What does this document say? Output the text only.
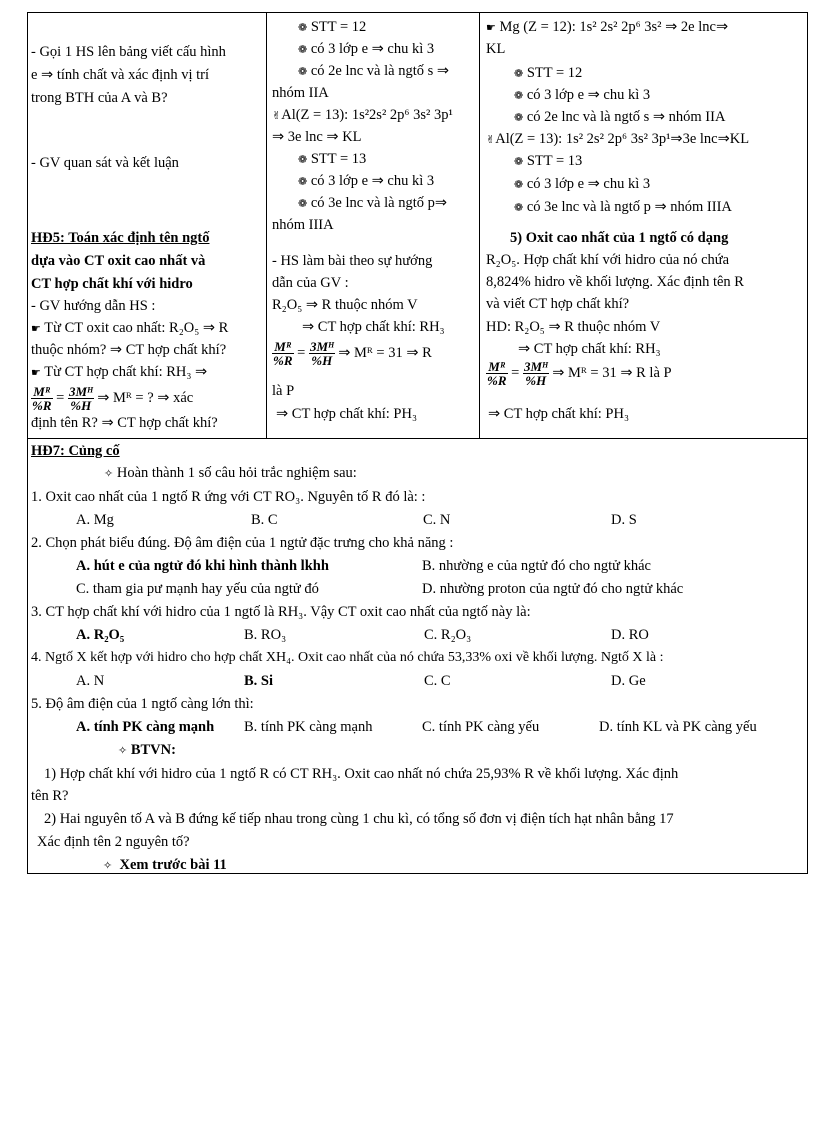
- Gọi 1 HS lên bảng viết cấu hình
e ⇒ tính chất và xác định vị trí
trong BTH của A và B?
- GV quan sát và kết luận
HĐ5: Toán xác định tên ngtố
dựa vào CT oxit cao nhất và
CT hợp chất khí với hidro
- GV hướng dẫn HS :
☛ Từ CT oxit cao nhất: R₂O₅ ⇒ R
thuộc nhóm? ⇒ CT hợp chất khí?
☛ Từ CT hợp chất khí: RH₃ ⇒
$\frac{\text{Mᴿ}}{\%R} = \frac{\text{3Mᴴ}}{\%H}$ ⇒ Mᴿ = ? ⇒ xác
định tên R? ⇒ CT hợp chất khí?
❁ STT = 12
❁ có 3 lớp e ⇒ chu kì 3
❁ có 2e lnc và là ngtố s ⇒
nhóm IIA
✌Al(Z = 13): 1s²2s² 2p⁶ 3s² 3p¹
⇒ 3e lnc ⇒ KL
❁ STT = 13
❁ có 3 lớp e ⇒ chu kì 3
❁ có 3e lnc và là ngtố p⇒
nhóm IIIA
- HS làm bài theo sự hướng
dẫn của GV :
R₂O₅ ⇒ R thuộc nhóm V
⇒ CT hợp chất khí: RH₃
$\frac{\text{Mᴿ}}{\%R} = \frac{\text{3Mᴴ}}{\%H}$ ⇒ Mᴿ = 31 ⇒ R
là P
⇒ CT hợp chất khí: PH₃
☛ Mg (Z = 12): 1s² 2s² 2p⁶ 3s² ⇒ 2e lnc⇒
KL
❁ STT = 12
❁ có 3 lớp e ⇒ chu kì 3
❁ có 2e lnc và là ngtố s ⇒ nhóm IIA
✌Al(Z = 13): 1s² 2s² 2p⁶ 3s² 3p¹⇒3e lnc⇒KL
❁ STT = 13
❁ có 3 lớp e ⇒ chu kì 3
❁ có 3e lnc và là ngtố p ⇒ nhóm IIIA
5) Oxit cao nhất của 1 ngtố có dạng
R₂O₅. Hợp chất khí với hidro của nó chứa
8,824% hidro về khối lượng. Xác định tên R
và viết CT hợp chất khí?
HD: R₂O₅ ⇒ R thuộc nhóm V
⇒ CT hợp chất khí: RH₃
$\frac{\text{Mᴿ}}{\%R} = \frac{\text{3Mᴴ}}{\%H}$ ⇒ Mᴿ = 31 ⇒ R là P
⇒ CT hợp chất khí: PH₃
HĐ7: Củng cố
✧ Hoàn thành 1 số câu hỏi trắc nghiệm sau:
1. Oxit cao nhất của 1 ngtố R ứng với CT RO₃. Nguyên tố R đó là: :
A. Mg	B. C	C. N	D. S
2. Chọn phát biểu đúng. Độ âm điện của 1 ngtử đặc trưng cho khả năng :
A. hút e của ngtử đó khi hình thành lkhh	B. nhường e của ngtử đó cho ngtử khác
C. tham gia pư mạnh hay yếu của ngtử đó	D. nhường proton của ngtử đó cho ngtử khác
3. CT hợp chất khí với hidro của 1 ngtố là RH₃. Vậy CT oxit cao nhất của ngtố này là:
A. R₂O₅	B. RO₃	C. R₂O₃	D. RO
4. Ngtố X kết hợp với hidro cho hợp chất XH₄. Oxit cao nhất của nó chứa 53,33% oxi về khối lượng. Ngtố X là :
A. N	B. Si	C. C	D. Ge
5. Độ âm điện của 1 ngtố càng lớn thì:
A. tính PK càng mạnh B. tính PK càng mạnh	C. tính PK càng yếu	D. tính KL và PK càng yếu
✧ BTVN:
1) Hợp chất khí với hidro của 1 ngtố R có CT RH₃. Oxit cao nhất nó chứa 25,93% R về khối lượng. Xác định
tên R?
2) Hai nguyên tố A và B đứng kế tiếp nhau trong cùng 1 chu kì, có tổng số đơn vị điện tích hạt nhân bằng 17
Xác định tên 2 nguyên tố?
✧ Xem trước bài 11
